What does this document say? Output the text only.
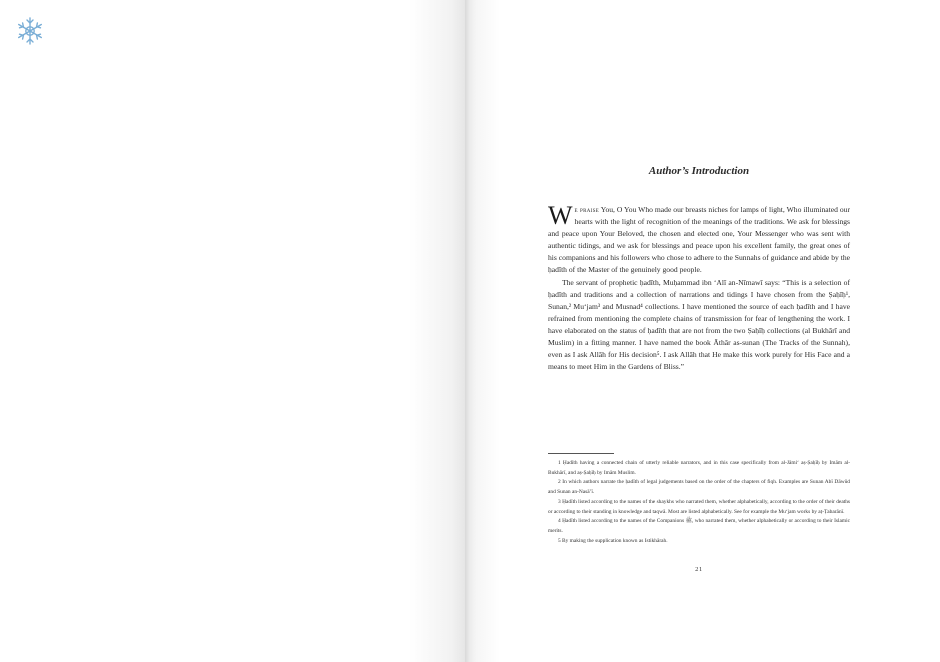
Author’s Introduction

We praise You, O You Who made our breasts niches for lamps of light, Who illuminated our hearts with the light of recognition of the meanings of the traditions. We ask for blessings and peace upon Your Beloved, the chosen and elected one, Your Messenger who was sent with authentic tidings, and we ask for blessings and peace upon his excellent family, the great ones of his companions and his followers who chose to adhere to the Sunnahs of guidance and abide by the ḥadīth of the Master of the genuinely good people.

The servant of prophetic ḥadīth, Muḥammad ibn ‘Alī an-Nīmawī says: “This is a selection of ḥadīth and traditions and a collection of narrations and tidings I have chosen from the Ṣaḥīḥ¹, Sunan,² Mu‘jam³ and Musnad⁴ collections. I have mentioned the source of each ḥadīth and I have refrained from mentioning the complete chains of transmission for fear of lengthening the work. I have elaborated on the status of ḥadīth that are not from the two Ṣaḥīḥ collections (al Bukhārī and Muslim) in a fitting manner. I have named the book Āthār as-sunan (The Tracks of the Sunnah), even as I ask Allāh for His decision⁵. I ask Allāh that He make this work purely for His Face and a means to meet Him in the Gardens of Bliss.”

1 Ḥadīth having a connected chain of utterly reliable narrators, and in this case specifically from al-Jāmi‘ aṣ-Ṣaḥīḥ by Imām al-Bukhārī, and aṣ-Ṣaḥīḥ by Imām Muslim.

2 In which authors narrate the ḥadīth of legal judgements based on the order of the chapters of fiqh. Examples are Sunan Abī Dāwūd and Sunan an-Nasā’ī.

3 Ḥadīth listed according to the names of the shaykhs who narrated them, whether alphabetically, according to the order of their deaths or according to their standing in knowledge and taqwā. Most are listed alphabetically. See for example the Mu‘jam works by aṭ-Ṭabarānī.

4 Ḥadīth listed according to the names of the Companions ﷺ, who narrated them, whether alphabetically or according to their Islamic merits.

5 By making the supplication known as Istikhārah.

21
